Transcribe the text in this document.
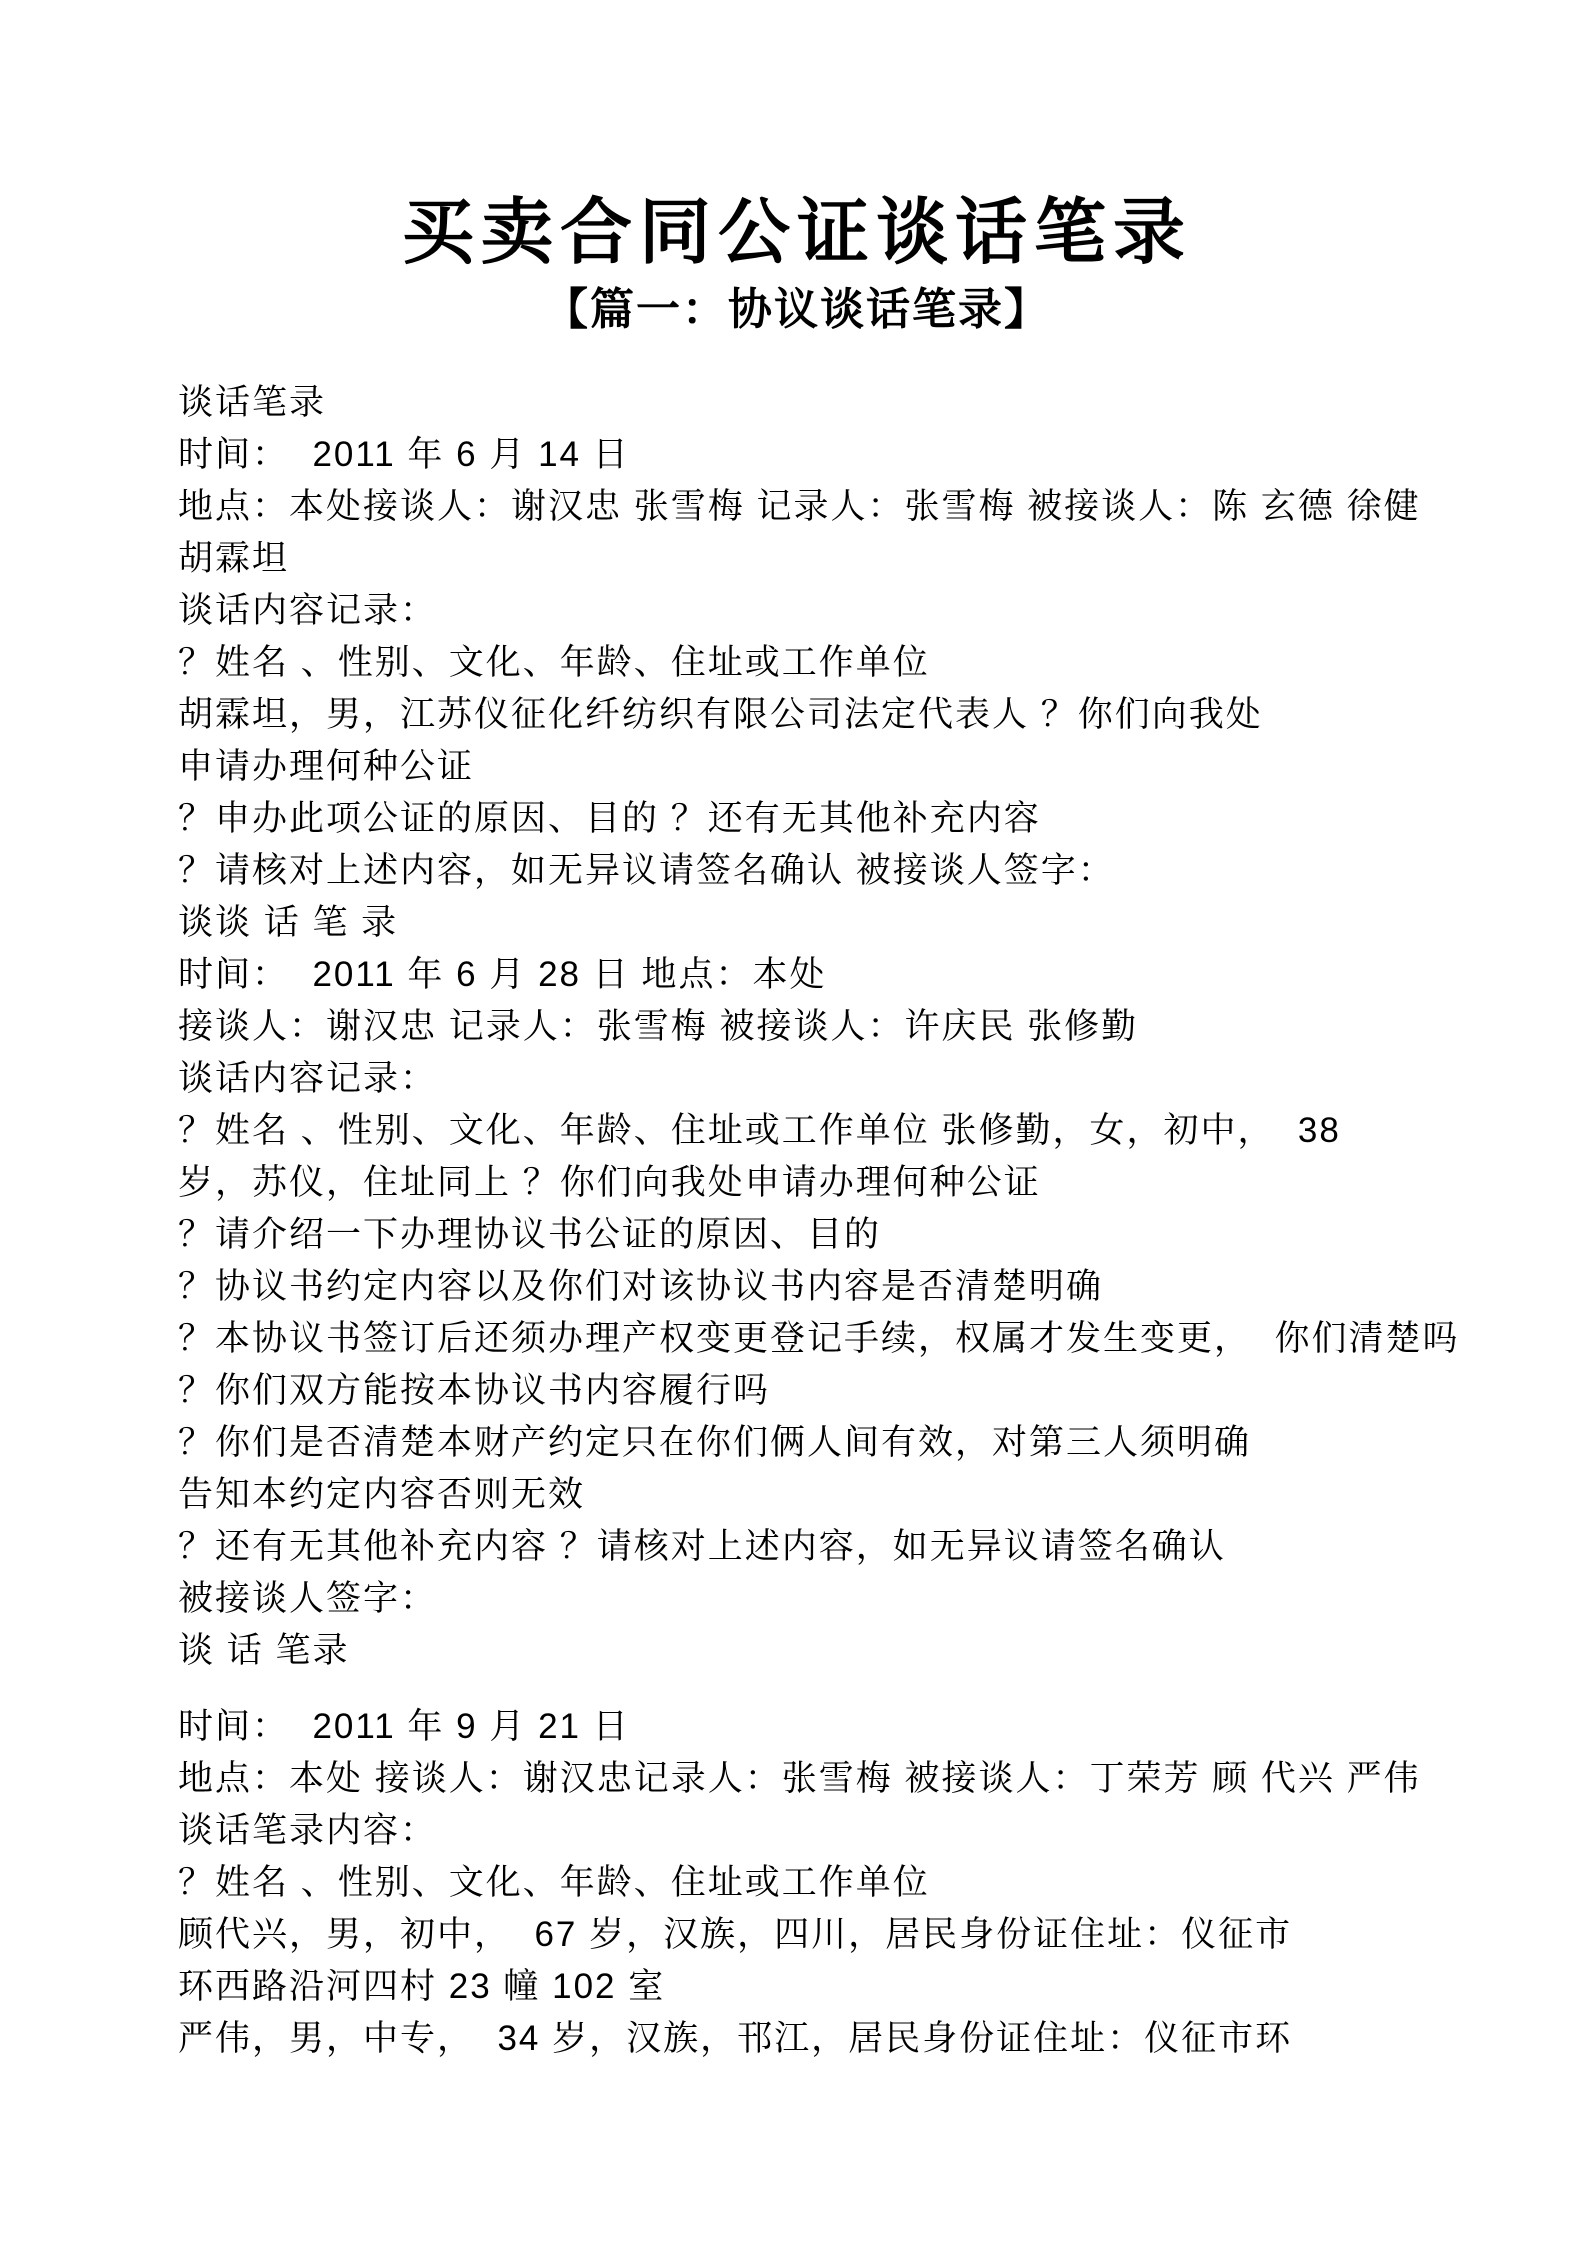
买卖合同公证谈话笔录
【篇一：协议谈话笔录】
谈话笔录
时间：  2011 年 6 月 14 日
地点：本处接谈人：谢汉忠 张雪梅 记录人：张雪梅 被接谈人：陈 玄德 徐健
胡霖坦
谈话内容记录：
？姓名 、性别、文化、年龄、住址或工作单位
胡霖坦，男，江苏仪征化纤纺织有限公司法定代表人 ？你们向我处
申请办理何种公证
？申办此项公证的原因、目的 ？还有无其他补充内容
？请核对上述内容，如无异议请签名确认 被接谈人签字：
谈谈 话 笔 录
时间：  2011 年 6 月 28 日 地点：本处
接谈人：谢汉忠 记录人：张雪梅 被接谈人：许庆民 张修勤
谈话内容记录：
？姓名 、性别、文化、年龄、住址或工作单位 张修勤，女，初中，  38
岁，苏仪，住址同上 ？你们向我处申请办理何种公证
？请介绍一下办理协议书公证的原因、目的
？协议书约定内容以及你们对该协议书内容是否清楚明确
？本协议书签订后还须办理产权变更登记手续，权属才发生变更，  你们清楚吗
？你们双方能按本协议书内容履行吗
？你们是否清楚本财产约定只在你们俩人间有效，对第三人须明确
告知本约定内容否则无效
？还有无其他补充内容 ？请核对上述内容，如无异议请签名确认
被接谈人签字：
谈 话 笔录
时间：  2011 年 9 月 21 日
地点：本处 接谈人：谢汉忠记录人：张雪梅 被接谈人：丁荣芳 顾 代兴 严伟
谈话笔录内容：
？姓名 、性别、文化、年龄、住址或工作单位
顾代兴，男，初中，  67 岁，汉族，四川，居民身份证住址：仪征市
环西路沿河四村 23 幢 102 室
严伟，男，中专，  34 岁，汉族，邗江，居民身份证住址：仪征市环
